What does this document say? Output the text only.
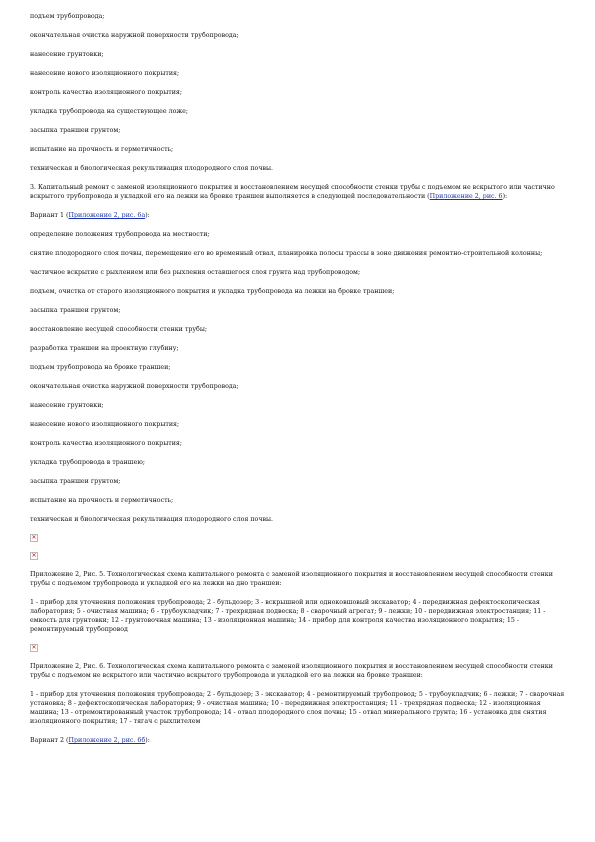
подъем трубопровода;

окончательная очистка наружной поверхности трубопровода;

нанесение грунтовки;

нанесение нового изоляционного покрытия;

контроль качества изоляционного покрытия;

укладка трубопровода на существующее ложе;

засыпка траншеи грунтом;

испытание на прочность и герметичность;

техническая и биологическая рекультивация плодородного слоя почвы.

3. Капитальный ремонт с заменой изоляционного покрытия и восстановлением несущей способности стенки трубы с подъемом не вскрытого или частично вскрытого трубопровода и укладкой его на лежки на бровке траншеи выполняется в следующей последовательности (Приложение 2, рис. 6):

Вариант 1 (Приложение 2, рис. 6а):

определение положения трубопровода на местности;

снятие плодородного слоя почвы, перемещение его во временный отвал, планировка полосы трассы в зоне движения ремонтно-строительной колонны;

частичное вскрытие с рыхлением или без рыхления оставшегося слоя грунта над трубопроводом;

подъем, очистка от старого изоляционного покрытия и укладка трубопровода на лежки на бровке траншеи;

засыпка траншеи грунтом;

восстановление несущей способности стенки трубы;

разработка траншеи на проектную глубину;

подъем трубопровода на бровке траншеи;

окончательная очистка наружной поверхности трубопровода;

нанесение грунтовки;

нанесение нового изоляционного покрытия;

контроль качества изоляционного покрытия;

укладка трубопровода в траншею;

засыпка траншеи грунтом;

испытание на прочность и герметичность;

техническая и биологическая рекультивация плодородного слоя почвы.

✕
✕

Приложение 2, Рис. 5. Технологическая схема капитального ремонта с заменой изоляционного покрытия и восстановлением несущей способности стенки трубы с подъемом трубопровода и укладкой его на лежки на дно траншеи:

1 - прибор для уточнения положения трубопровода; 2 - бульдозер; 3 - вскрышной или одноковшовый экскаватор; 4 - передвижная дефектоскопическая лаборатория; 5 - очистная машина; 6 - трубоукладчик; 7 - трехрядная подвеска; 8 - сварочный агрегат; 9 - лежки; 10 - передвижная электростанция; 11 - емкость для грунтовки; 12 - грунтовочная машина; 13 - изоляционная машина; 14 - прибор для контроля качества изоляционного покрытия; 15 - ремонтируемый трубопровод

✕

Приложение 2, Рис. 6. Технологическая схема капитального ремонта с заменой изоляционного покрытия и восстановлением несущей способности стенки трубы с подъемом не вскрытого или частично вскрытого трубопровода и укладкой его на лежки на бровке траншеи:

1 - прибор для уточнения положения трубопровода; 2 - бульдозер; 3 - экскаватор; 4 - ремонтируемый трубопровод; 5 - трубоукладчик; 6 - лежки; 7 - сварочная установка; 8 - дефектоскопическая лаборатория; 9 - очистная машина; 10 - передвижная электростанция; 11 - трехрядная подвеска; 12 - изоляционная машина; 13 - отремонтированный участок трубопровода; 14 - отвал плодородного слоя почвы; 15 - отвал минерального грунта; 16 - установка для снятия изоляционного покрытия; 17 - тягач с рыхлителем

Вариант 2 (Приложение 2, рис. 6б):
